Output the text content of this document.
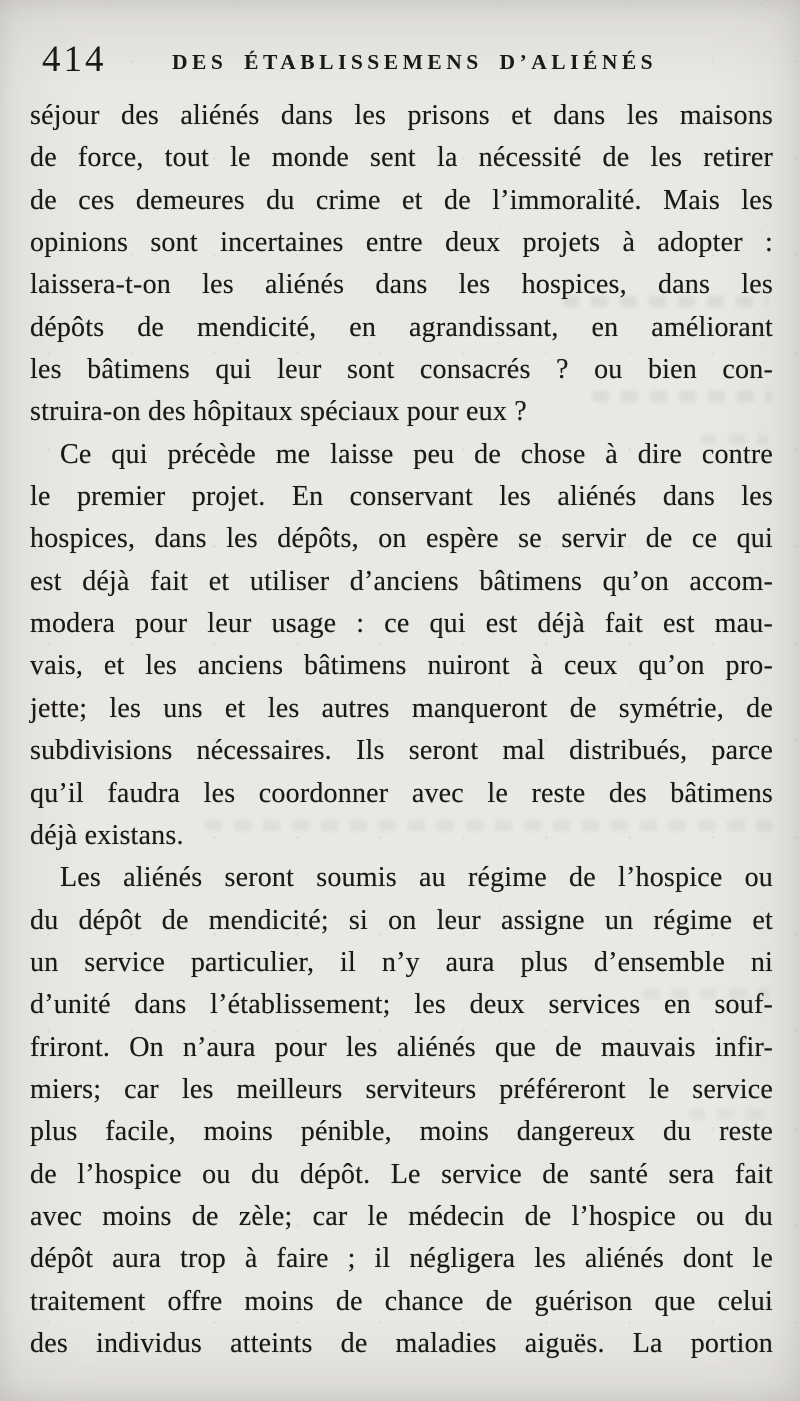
414	DES ÉTABLISSEMENS D’ALIÉNÉS
séjour des aliénés dans les prisons et dans les maisons
de force, tout le monde sent la nécessité de les retirer
de ces demeures du crime et de l’immoralité. Mais les
opinions sont incertaines entre deux projets à adopter :
laissera-t-on les aliénés dans les hospices, dans les
dépôts de mendicité, en agrandissant, en améliorant
les bâtimens qui leur sont consacrés ? ou bien con-
struira-on des hôpitaux spéciaux pour eux ?
Ce qui précède me laisse peu de chose à dire contre
le premier projet. En conservant les aliénés dans les
hospices, dans les dépôts, on espère se servir de ce qui
est déjà fait et utiliser d’anciens bâtimens qu’on accom-
modera pour leur usage : ce qui est déjà fait est mau-
vais, et les anciens bâtimens nuiront à ceux qu’on pro-
jette; les uns et les autres manqueront de symétrie, de
subdivisions nécessaires. Ils seront mal distribués, parce
qu’il faudra les coordonner avec le reste des bâtimens
déjà existans.
Les aliénés seront soumis au régime de l’hospice ou
du dépôt de mendicité; si on leur assigne un régime et
un service particulier, il n’y aura plus d’ensemble ni
d’unité dans l’établissement; les deux services en souf-
friront. On n’aura pour les aliénés que de mauvais infir-
miers; car les meilleurs serviteurs préféreront le service
plus facile, moins pénible, moins dangereux du reste
de l’hospice ou du dépôt. Le service de santé sera fait
avec moins de zèle; car le médecin de l’hospice ou du
dépôt aura trop à faire ; il négligera les aliénés dont le
traitement offre moins de chance de guérison que celui
des individus atteints de maladies aiguës. La portion
